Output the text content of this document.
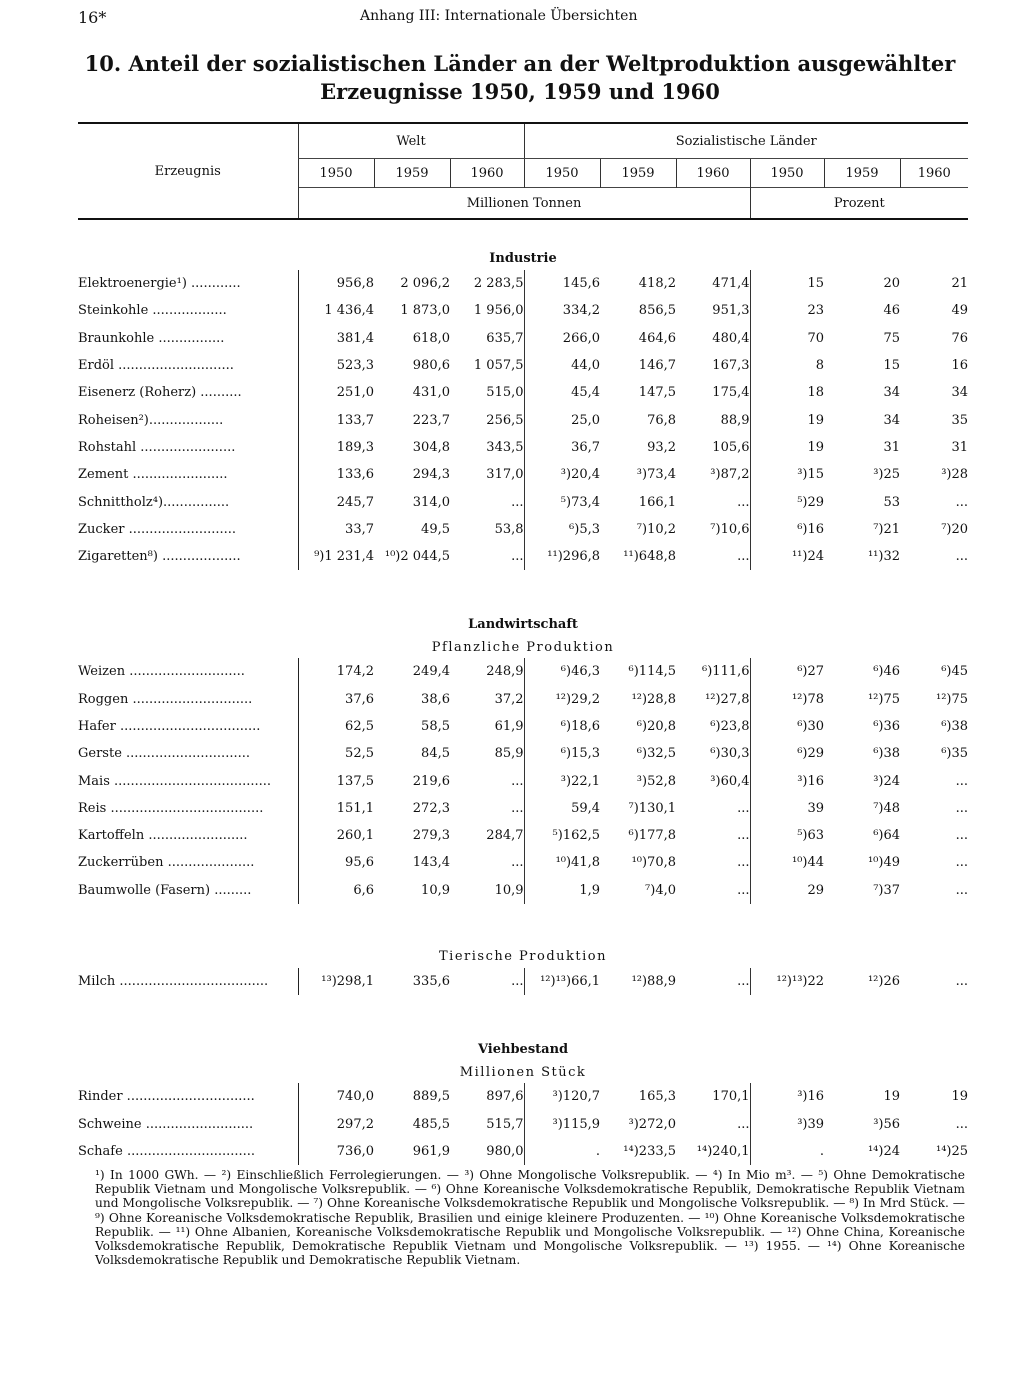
16*	Anhang III: Internationale Übersichten
10. Anteil der sozialistischen Länder an der Weltproduktion ausgewählter Erzeugnisse 1950, 1959 und 1960
Erzeugnis	Welt			Sozialistische Länder					
	1950	1959	1960	1950	1959	1960	1950	1959	1960
	Millionen Tonnen						Prozent		

Industrie									
Elektroenergie¹) ............	956,8	2 096,2	2 283,5	145,6	418,2	471,4	15	20	21
Steinkohle ..................	1 436,4	1 873,0	1 956,0	334,2	856,5	951,3	23	46	49
Braunkohle ................	381,4	618,0	635,7	266,0	464,6	480,4	70	75	76
Erdöl ............................	523,3	980,6	1 057,5	44,0	146,7	167,3	8	15	16
Eisenerz (Roherz) ..........	251,0	431,0	515,0	45,4	147,5	175,4	18	34	34
Roheisen²)..................	133,7	223,7	256,5	25,0	76,8	88,9	19	34	35
Rohstahl .......................	189,3	304,8	343,5	36,7	93,2	105,6	19	31	31
Zement .......................	133,6	294,3	317,0	³)20,4	³)73,4	³)87,2	³)15	³)25	³)28
Schnittholz⁴)................	245,7	314,0	...	⁵)73,4	166,1	...	⁵)29	53	...
Zucker ..........................	33,7	49,5	53,8	⁶)5,3	⁷)10,2	⁷)10,6	⁶)16	⁷)21	⁷)20
Zigaretten⁸) ...................	⁹)1 231,4	¹⁰)2 044,5	...	¹¹)296,8	¹¹)648,8	...	¹¹)24	¹¹)32	...

Landwirtschaft									
Pflanzliche Produktion									
Weizen ............................	174,2	249,4	248,9	⁶)46,3	⁶)114,5	⁶)111,6	⁶)27	⁶)46	⁶)45
Roggen .............................	37,6	38,6	37,2	¹²)29,2	¹²)28,8	¹²)27,8	¹²)78	¹²)75	¹²)75
Hafer ..................................	62,5	58,5	61,9	⁶)18,6	⁶)20,8	⁶)23,8	⁶)30	⁶)36	⁶)38
Gerste ..............................	52,5	84,5	85,9	⁶)15,3	⁶)32,5	⁶)30,3	⁶)29	⁶)38	⁶)35
Mais ......................................	137,5	219,6	...	³)22,1	³)52,8	³)60,4	³)16	³)24	...
Reis .....................................	151,1	272,3	...	59,4	⁷)130,1	...	39	⁷)48	...
Kartoffeln ........................	260,1	279,3	284,7	⁵)162,5	⁶)177,8	...	⁵)63	⁶)64	...
Zuckerrüben .....................	95,6	143,4	...	¹⁰)41,8	¹⁰)70,8	...	¹⁰)44	¹⁰)49	...
Baumwolle (Fasern) .........	6,6	10,9	10,9	1,9	⁷)4,0	...	29	⁷)37	...

Tierische Produktion									
Milch ....................................	¹³)298,1	335,6	...	¹²)¹³)66,1	¹²)88,9	...	¹²)¹³)22	¹²)26	...

Viehbestand									
Millionen Stück									
Rinder ...............................	740,0	889,5	897,6	³)120,7	165,3	170,1	³)16	19	19
Schweine ..........................	297,2	485,5	515,7	³)115,9	³)272,0	...	³)39	³)56	...
Schafe ...............................	736,0	961,9	980,0	.	¹⁴)233,5	¹⁴)240,1	.	¹⁴)24	¹⁴)25
¹) In 1000 GWh. — ²) Einschließlich Ferrolegierungen. — ³) Ohne Mongolische Volksrepublik. — ⁴) In Mio m³. — ⁵) Ohne Demokratische Republik Vietnam und Mongolische Volksrepublik. — ⁶) Ohne Koreanische Volksdemokratische Republik, Demokratische Republik Vietnam und Mongolische Volksrepublik. — ⁷) Ohne Koreanische Volksdemokratische Republik und Mongolische Volksrepublik. — ⁸) In Mrd Stück. — ⁹) Ohne Koreanische Volksdemokratische Republik, Brasilien und einige kleinere Produzenten. — ¹⁰) Ohne Koreanische Volksdemokratische Republik. — ¹¹) Ohne Albanien, Koreanische Volksdemokratische Republik und Mongolische Volksrepublik. — ¹²) Ohne China, Koreanische Volksdemokratische Republik, Demokratische Republik Vietnam und Mongolische Volksrepublik. — ¹³) 1955. — ¹⁴) Ohne Koreanische Volksdemokratische Republik und Demokratische Republik Vietnam.
